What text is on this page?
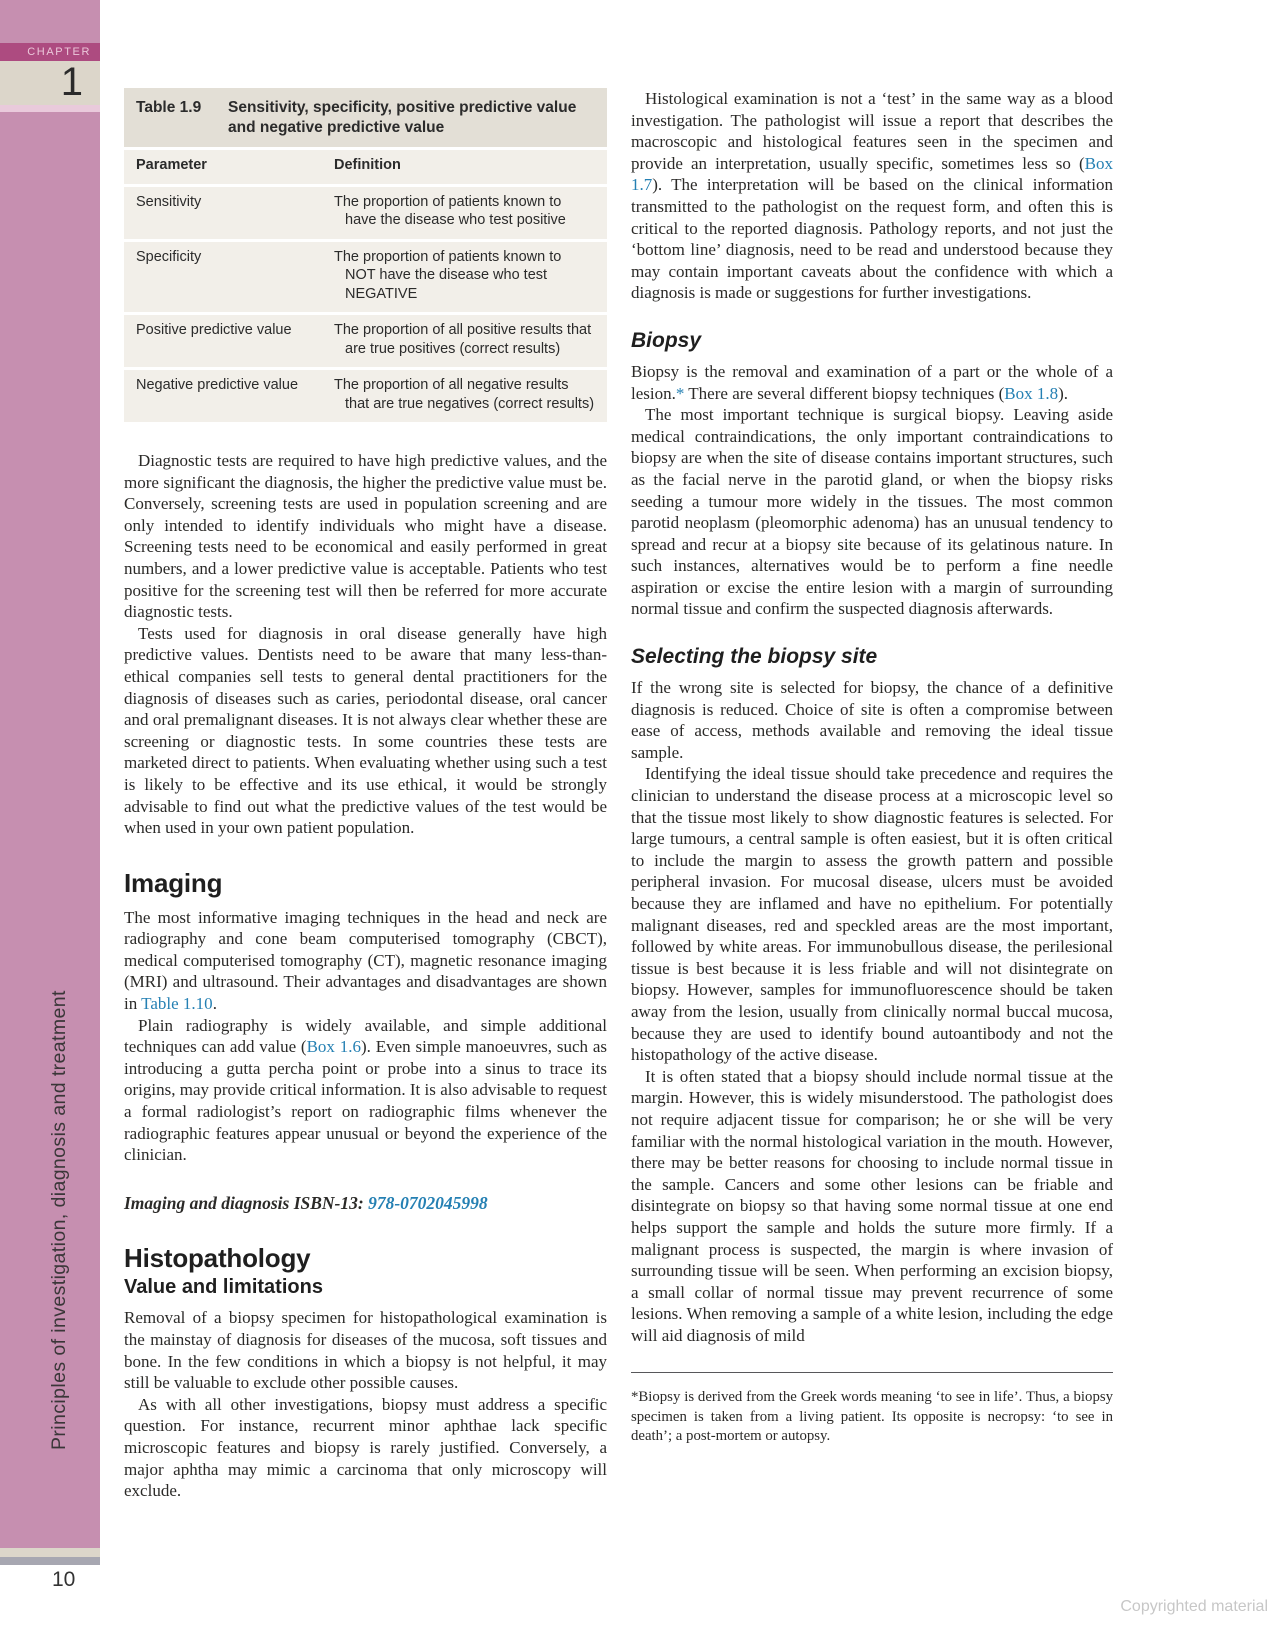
CHAPTER
1
Principles of investigation, diagnosis and treatment
10
Copyrighted material
Table 1.9	Sensitivity, specificity, positive predictive value and negative predictive value
Parameter	Definition
Sensitivity	The proportion of patients known to have the disease who test positive
Specificity	The proportion of patients known to NOT have the disease who test NEGATIVE
Positive predictive value	The proportion of all positive results that are true positives (correct results)
Negative predictive value	The proportion of all negative results that are true negatives (correct results)

Diagnostic tests are required to have high predictive values, and the more significant the diagnosis, the higher the predictive value must be. Conversely, screening tests are used in population screening and are only intended to identify individuals who might have a disease. Screening tests need to be economical and easily performed in great numbers, and a lower predictive value is acceptable. Patients who test positive for the screening test will then be referred for more accurate diagnostic tests.

Tests used for diagnosis in oral disease generally have high predictive values. Dentists need to be aware that many less-than-ethical companies sell tests to general dental practitioners for the diagnosis of diseases such as caries, periodontal disease, oral cancer and oral premalignant diseases. It is not always clear whether these are screening or diagnostic tests. In some countries these tests are marketed direct to patients. When evaluating whether using such a test is likely to be effective and its use ethical, it would be strongly advisable to find out what the predictive values of the test would be when used in your own patient population.

Imaging

The most informative imaging techniques in the head and neck are radiography and cone beam computerised tomography (CBCT), medical computerised tomography (CT), magnetic resonance imaging (MRI) and ultrasound. Their advantages and disadvantages are shown in Table 1.10.

Plain radiography is widely available, and simple additional techniques can add value (Box 1.6). Even simple manoeuvres, such as introducing a gutta percha point or probe into a sinus to trace its origins, may provide critical information. It is also advisable to request a formal radiologist’s report on radiographic films whenever the radiographic features appear unusual or beyond the experience of the clinician.

Imaging and diagnosis ISBN-13: 978-0702045998

Histopathology
Value and limitations

Removal of a biopsy specimen for histopathological examination is the mainstay of diagnosis for diseases of the mucosa, soft tissues and bone. In the few conditions in which a biopsy is not helpful, it may still be valuable to exclude other possible causes.

As with all other investigations, biopsy must address a specific question. For instance, recurrent minor aphthae lack specific microscopic features and biopsy is rarely justified. Conversely, a major aphtha may mimic a carcinoma that only microscopy will exclude.

Histological examination is not a ‘test’ in the same way as a blood investigation. The pathologist will issue a report that describes the macroscopic and histological features seen in the specimen and provide an interpretation, usually specific, sometimes less so (Box 1.7). The interpretation will be based on the clinical information transmitted to the pathologist on the request form, and often this is critical to the reported diagnosis. Pathology reports, and not just the ‘bottom line’ diagnosis, need to be read and understood because they may contain important caveats about the confidence with which a diagnosis is made or suggestions for further investigations.

Biopsy

Biopsy is the removal and examination of a part or the whole of a lesion.* There are several different biopsy techniques (Box 1.8).

The most important technique is surgical biopsy. Leaving aside medical contraindications, the only important contraindications to biopsy are when the site of disease contains important structures, such as the facial nerve in the parotid gland, or when the biopsy risks seeding a tumour more widely in the tissues. The most common parotid neoplasm (pleomorphic adenoma) has an unusual tendency to spread and recur at a biopsy site because of its gelatinous nature. In such instances, alternatives would be to perform a fine needle aspiration or excise the entire lesion with a margin of surrounding normal tissue and confirm the suspected diagnosis afterwards.

Selecting the biopsy site

If the wrong site is selected for biopsy, the chance of a definitive diagnosis is reduced. Choice of site is often a compromise between ease of access, methods available and removing the ideal tissue sample.

Identifying the ideal tissue should take precedence and requires the clinician to understand the disease process at a microscopic level so that the tissue most likely to show diagnostic features is selected. For large tumours, a central sample is often easiest, but it is often critical to include the margin to assess the growth pattern and possible peripheral invasion. For mucosal disease, ulcers must be avoided because they are inflamed and have no epithelium. For potentially malignant diseases, red and speckled areas are the most important, followed by white areas. For immunobullous disease, the perilesional tissue is best because it is less friable and will not disintegrate on biopsy. However, samples for immunofluorescence should be taken away from the lesion, usually from clinically normal buccal mucosa, because they are used to identify bound autoantibody and not the histopathology of the active disease.

It is often stated that a biopsy should include normal tissue at the margin. However, this is widely misunderstood. The pathologist does not require adjacent tissue for comparison; he or she will be very familiar with the normal histological variation in the mouth. However, there may be better reasons for choosing to include normal tissue in the sample. Cancers and some other lesions can be friable and disintegrate on biopsy so that having some normal tissue at one end helps support the sample and holds the suture more firmly. If a malignant process is suspected, the margin is where invasion of surrounding tissue will be seen. When performing an excision biopsy, a small collar of normal tissue may prevent recurrence of some lesions. When removing a sample of a white lesion, including the edge will aid diagnosis of mild

*Biopsy is derived from the Greek words meaning ‘to see in life’. Thus, a biopsy specimen is taken from a living patient. Its opposite is necropsy: ‘to see in death’; a post-mortem or autopsy.
